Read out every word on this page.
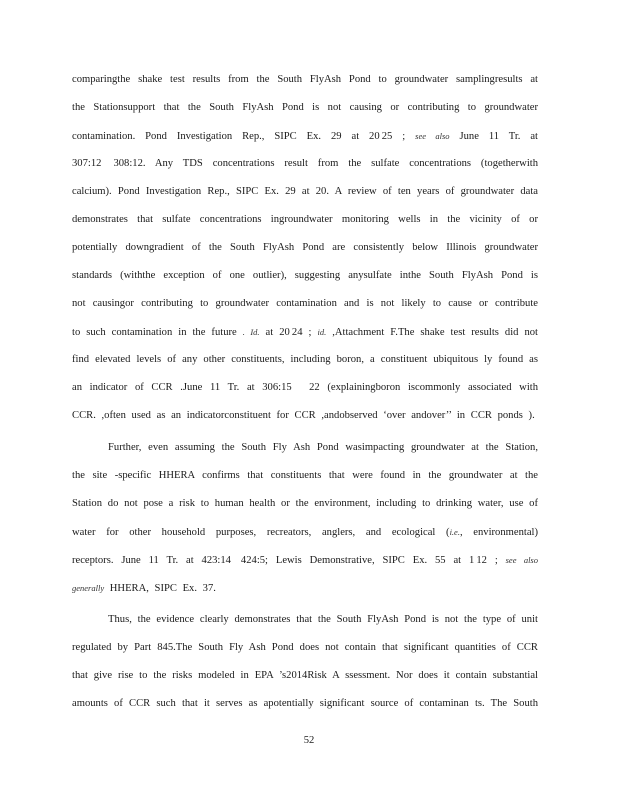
comparingthe shake test results from the South FlyAsh Pond to groundwater samplingresults at
the Stationsupport that the South FlyAsh Pond is not causing or contributing to groundwater
contamination. Pond Investigation Rep., SIPC Ex. 29 at 20 25 ; see also June 11 Tr. at
307:12  308:12. Any TDS concentrations result from the sulfate concentrations (togetherwith
calcium). Pond Investigation Rep., SIPC Ex. 29 at 20. A review of ten years of groundwater data
demonstrates that sulfate concentrations ingroundwater monitoring wells in the vicinity of or
potentially downgradient of the South FlyAsh Pond are consistently below Illinois groundwater
standards (withthe exception of one outlier), suggesting anysulfate inthe South FlyAsh Pond is
not causingor contributing to groundwater contamination and is not likely to cause or contribute
to such contamination in the future . Id. at 20 24 ; id. ,Attachment F.The shake test results did not
find elevated levels of any other constituents, including boron, a constituent ubiquitous ly found as
an indicator of CCR .June 11 Tr. at 306:15   22 (explainingboron iscommonly associated with
CCR. ,often used as an indicatorconstituent for CCR ,andobserved ‘over andover’’ in CCR ponds ).
Further, even assuming the South Fly Ash Pond wasimpacting groundwater at the Station,
the site -specific HHERA confirms that constituents that were found in the groundwater at the
Station do not pose a risk to human health or the environment, including to drinking water, use of
water for other household purposes, recreators, anglers, and ecological (i.e., environmental)
receptors. June 11 Tr. at 423:14  424:5; Lewis Demonstrative, SIPC Ex. 55 at 1 12 ; see also
generally HHERA, SIPC Ex. 37.
Thus, the evidence clearly demonstrates that the South FlyAsh Pond is not the type of unit
regulated by Part 845.The South Fly Ash Pond does not contain that significant quantities of CCR
that give rise to the risks modeled in EPA ’s2014Risk A ssessment. Nor does it contain substantial
amounts of CCR such that it serves as apotentially significant source of contaminan ts. The South
52
